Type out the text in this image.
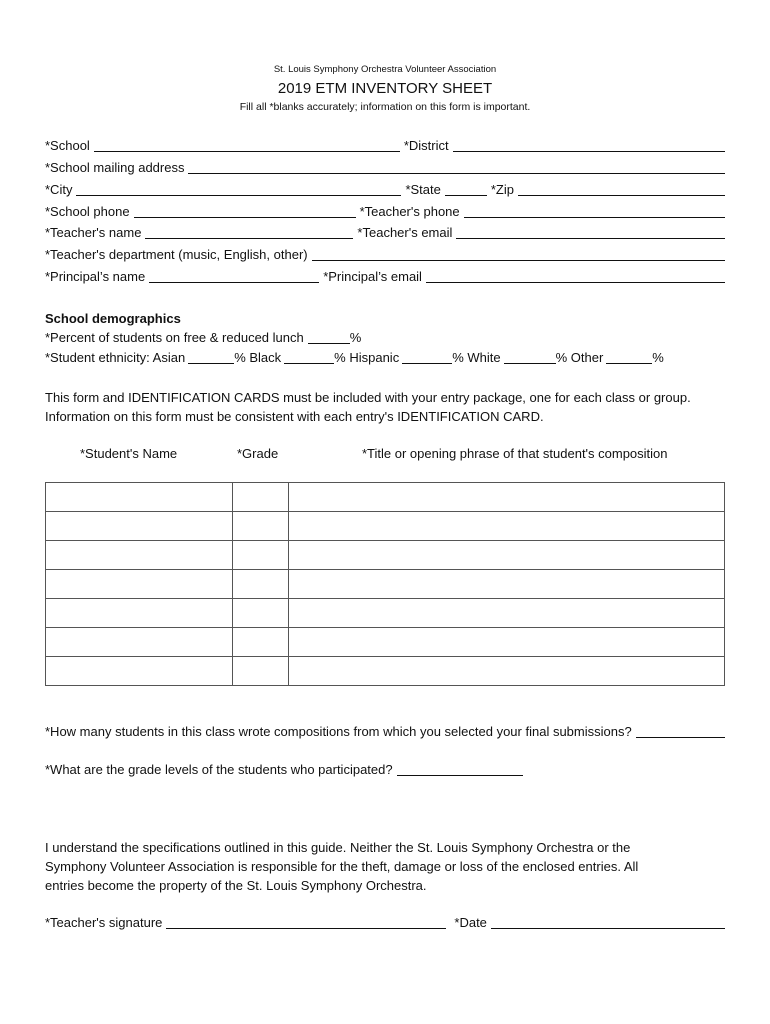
St. Louis Symphony Orchestra Volunteer Association
2019 ETM INVENTORY SHEET
Fill all *blanks accurately; information on this form is important.
*School	*District
*School mailing address
*City	*State	*Zip
*School phone	*Teacher's phone
*Teacher's name	*Teacher's email
*Teacher's department (music, English, other)
*Principal’s name	*Principal’s email
School demographics
*Percent of students on free & reduced lunch	%
*Student ethnicity: Asian	% Black	% Hispanic	% White	% Other	%
This form and IDENTIFICATION CARDS must be included with your entry package, one for each class or group.
Information on this form must be consistent with each entry's IDENTIFICATION CARD.
*Student's Name	*Grade	*Title or opening phrase of that student's composition

*How many students in this class wrote compositions from which you selected your final submissions?
*What are the grade levels of the students who participated?
I understand the specifications outlined in this guide. Neither the St. Louis Symphony Orchestra or the
Symphony Volunteer Association is responsible for the theft, damage or loss of the enclosed entries. All
entries become the property of the St. Louis Symphony Orchestra.
*Teacher's signature	*Date
